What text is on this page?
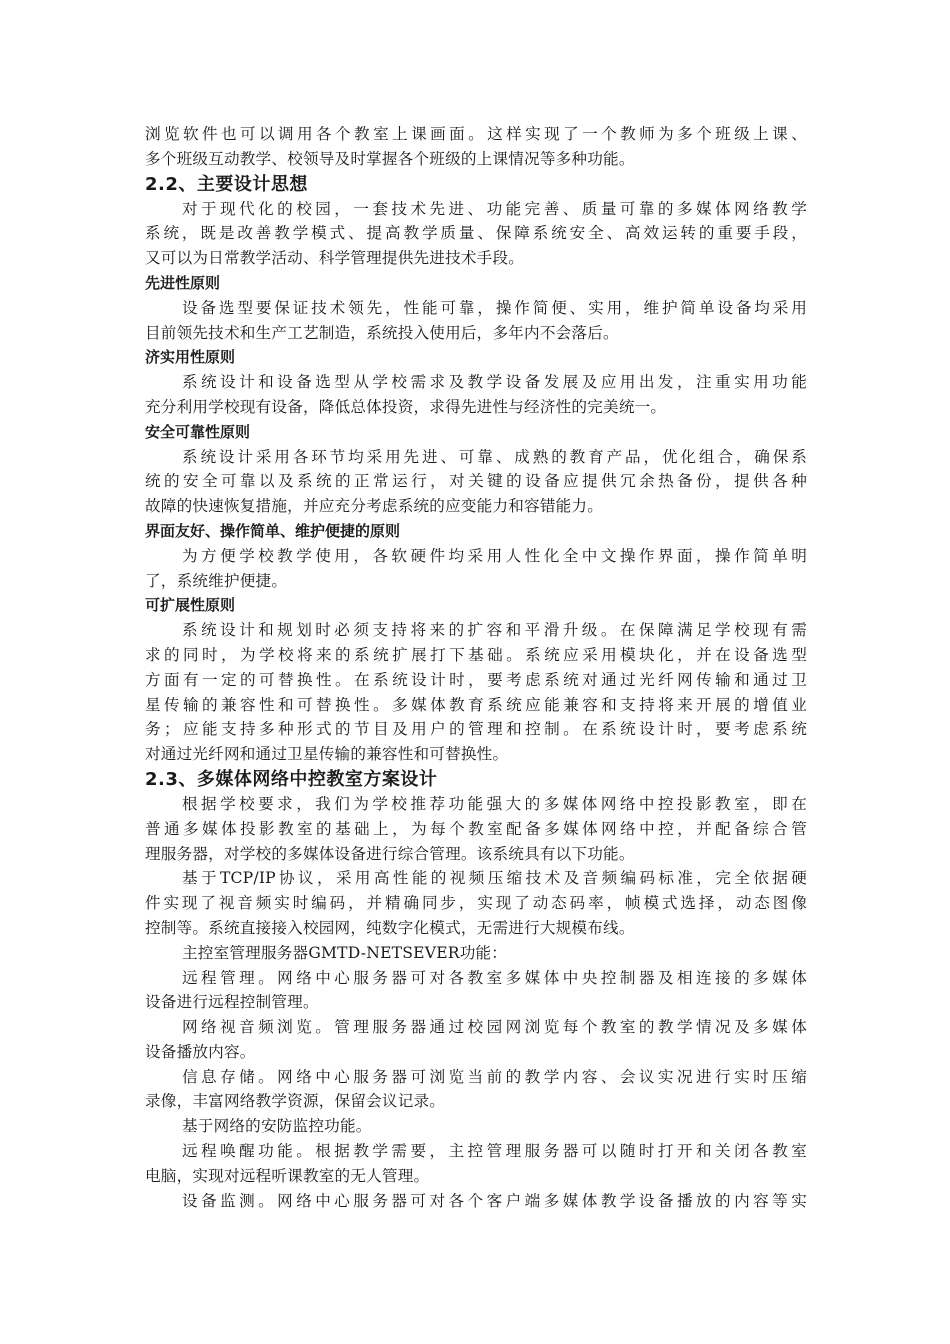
浏览软件也可以调用各个教室上课画面。这样实现了一个教师为多个班级上课、
多个班级互动教学、校领导及时掌握各个班级的上课情况等多种功能。
2.2、主要设计思想
对于现代化的校园，一套技术先进、功能完善、质量可靠的多媒体网络教学
系统，既是改善教学模式、提高教学质量、保障系统安全、高效运转的重要手段，
又可以为日常教学活动、科学管理提供先进技术手段。
先进性原则
设备选型要保证技术领先，性能可靠，操作简便、实用，维护简单设备均采用
目前领先技术和生产工艺制造，系统投入使用后，多年内不会落后。
济实用性原则
系统设计和设备选型从学校需求及教学设备发展及应用出发，注重实用功能
充分利用学校现有设备，降低总体投资，求得先进性与经济性的完美统一。
安全可靠性原则
系统设计采用各环节均采用先进、可靠、成熟的教育产品，优化组合，确保系
统的安全可靠以及系统的正常运行，对关键的设备应提供冗余热备份，提供各种
故障的快速恢复措施，并应充分考虑系统的应变能力和容错能力。
界面友好、操作简单、维护便捷的原则
为方便学校教学使用，各软硬件均采用人性化全中文操作界面，操作简单明
了，系统维护便捷。
可扩展性原则
系统设计和规划时必须支持将来的扩容和平滑升级。在保障满足学校现有需
求的同时，为学校将来的系统扩展打下基础。系统应采用模块化，并在设备选型
方面有一定的可替换性。在系统设计时，要考虑系统对通过光纤网传输和通过卫
星传输的兼容性和可替换性。多媒体教育系统应能兼容和支持将来开展的增值业
务；应能支持多种形式的节目及用户的管理和控制。在系统设计时，要考虑系统
对通过光纤网和通过卫星传输的兼容性和可替换性。
2.3、多媒体网络中控教室方案设计
根据学校要求，我们为学校推荐功能强大的多媒体网络中控投影教室，即在
普通多媒体投影教室的基础上，为每个教室配备多媒体网络中控，并配备综合管
理服务器，对学校的多媒体设备进行综合管理。该系统具有以下功能。
基于TCP/IP协议，采用高性能的视频压缩技术及音频编码标准，完全依据硬
件实现了视音频实时编码，并精确同步，实现了动态码率，帧模式选择，动态图像
控制等。系统直接接入校园网，纯数字化模式，无需进行大规模布线。
主控室管理服务器GMTD-NETSEVER功能：
远程管理。网络中心服务器可对各教室多媒体中央控制器及相连接的多媒体
设备进行远程控制管理。
网络视音频浏览。管理服务器通过校园网浏览每个教室的教学情况及多媒体
设备播放内容。
信息存储。网络中心服务器可浏览当前的教学内容、会议实况进行实时压缩
录像，丰富网络教学资源，保留会议记录。
基于网络的安防监控功能。
远程唤醒功能。根据教学需要，主控管理服务器可以随时打开和关闭各教室
电脑，实现对远程听课教室的无人管理。
设备监测。网络中心服务器可对各个客户端多媒体教学设备播放的内容等实
